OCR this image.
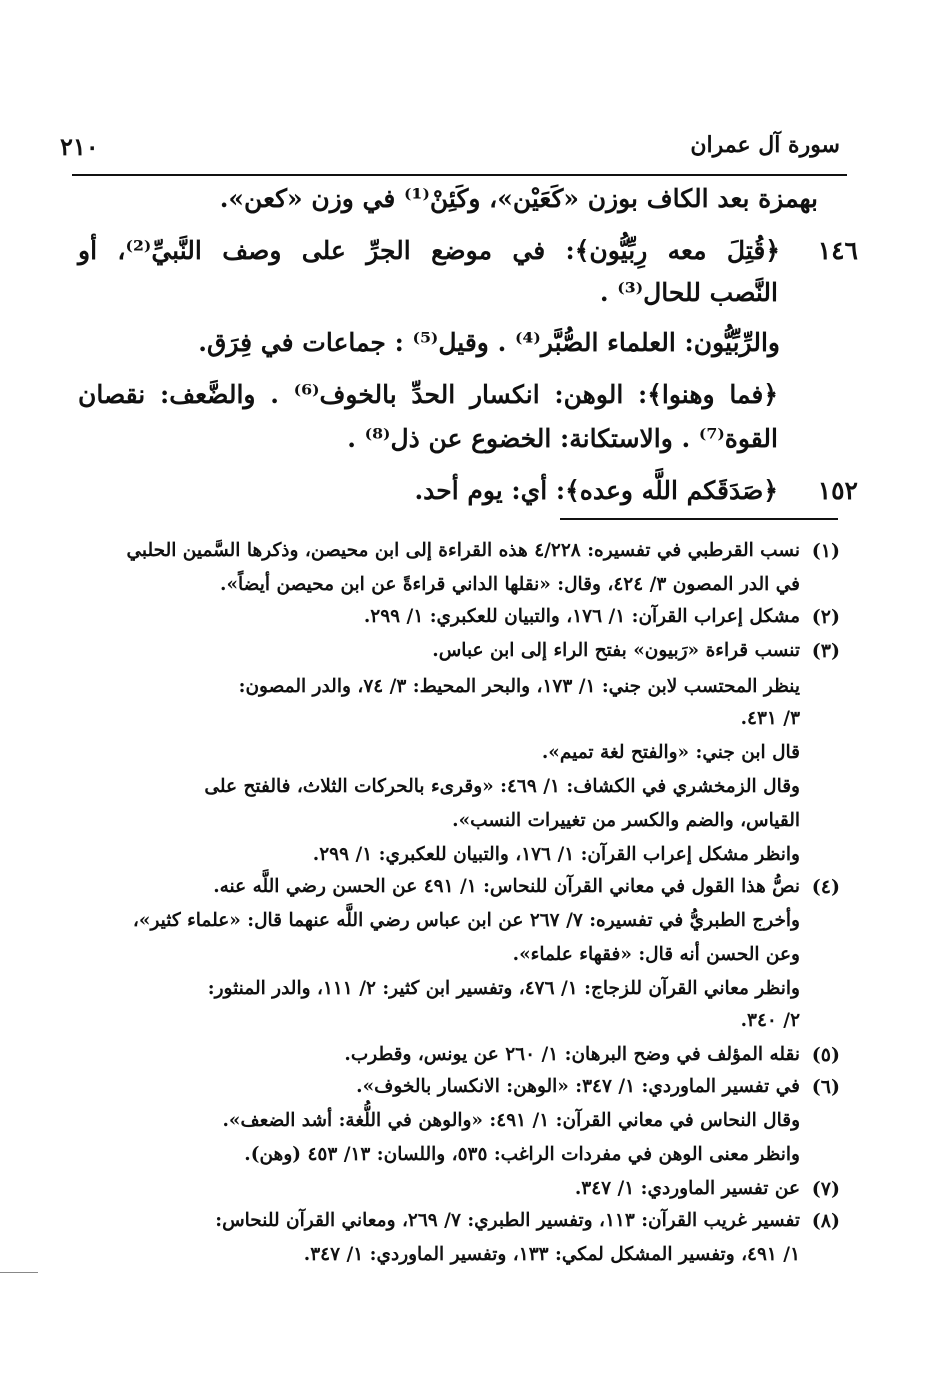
سورة آل عمران
٢١٠
بهمزة بعد الكاف بوزن «كَعَيْن»، وكَئِنْ⁽¹⁾ في وزن «كعن».
١٤٦
﴿قُتِلَ معه رِبِّيُّون﴾: في موضع الجرِّ على وصف النَّبيِّ⁽²⁾، أو
النَّصب للحال⁽³⁾ .
والرِّبِّيُّون: العلماء الصُّبَّر⁽⁴⁾ . وقيل⁽⁵⁾ : جماعات في فِرَق.
﴿فما وهنوا﴾: الوهن: انكسار الحدِّ بالخوف⁽⁶⁾ . والضَّعف: نقصان
القوة⁽⁷⁾ . والاستكانة: الخضوع عن ذل⁽⁸⁾ .
١٥٢
﴿صَدَقَكم اللَّه وعده﴾: أي: يوم أحد.
(١)
نسب القرطبي في تفسيره: ٤/٢٢٨ هذه القراءة إلى ابن محيصن، وذكرها السَّمين الحلبي
في الدر المصون ٣/ ٤٢٤، وقال: «نقلها الداني قراءةً عن ابن محيصن أيضاً».
(٢)
مشكل إعراب القرآن: ١/ ١٧٦، والتبيان للعكبري: ١/ ٢٩٩.
(٣)
تنسب قراءة «رَبيون» بفتح الراء إلى ابن عباس.
ينظر المحتسب لابن جني: ١/ ١٧٣، والبحر المحيط: ٣/ ٧٤، والدر المصون:
٣/ ٤٣١.
قال ابن جني: «والفتح لغة تميم».
وقال الزمخشري في الكشاف: ١/ ٤٦٩: «وقرىء بالحركات الثلاث، فالفتح على
القياس، والضم والكسر من تغييرات النسب».
وانظر مشكل إعراب القرآن: ١/ ١٧٦، والتبيان للعكبري: ١/ ٢٩٩.
(٤)
نصُّ هذا القول في معاني القرآن للنحاس: ١/ ٤٩١ عن الحسن رضي اللَّه عنه.
وأخرج الطبريُّ في تفسيره: ٧/ ٢٦٧ عن ابن عباس رضي اللَّه عنهما قال: «علماء كثير»،
وعن الحسن أنه قال: «فقهاء علماء».
وانظر معاني القرآن للزجاج: ١/ ٤٧٦، وتفسير ابن كثير: ٢/ ١١١، والدر المنثور:
٢/ ٣٤٠.
(٥)
نقله المؤلف في وضح البرهان: ١/ ٢٦٠ عن يونس، وقطرب.
(٦)
في تفسير الماوردي: ١/ ٣٤٧: «الوهن: الانكسار بالخوف».
وقال النحاس في معاني القرآن: ١/ ٤٩١: «والوهن في اللُّغة: أشد الضعف».
وانظر معنى الوهن في مفردات الراغب: ٥٣٥، واللسان: ١٣/ ٤٥٣ (وهن).
(٧)
عن تفسير الماوردي: ١/ ٣٤٧.
(٨)
تفسير غريب القرآن: ١١٣، وتفسير الطبري: ٧/ ٢٦٩، ومعاني القرآن للنحاس:
١/ ٤٩١، وتفسير المشكل لمكي: ١٣٣، وتفسير الماوردي: ١/ ٣٤٧.
